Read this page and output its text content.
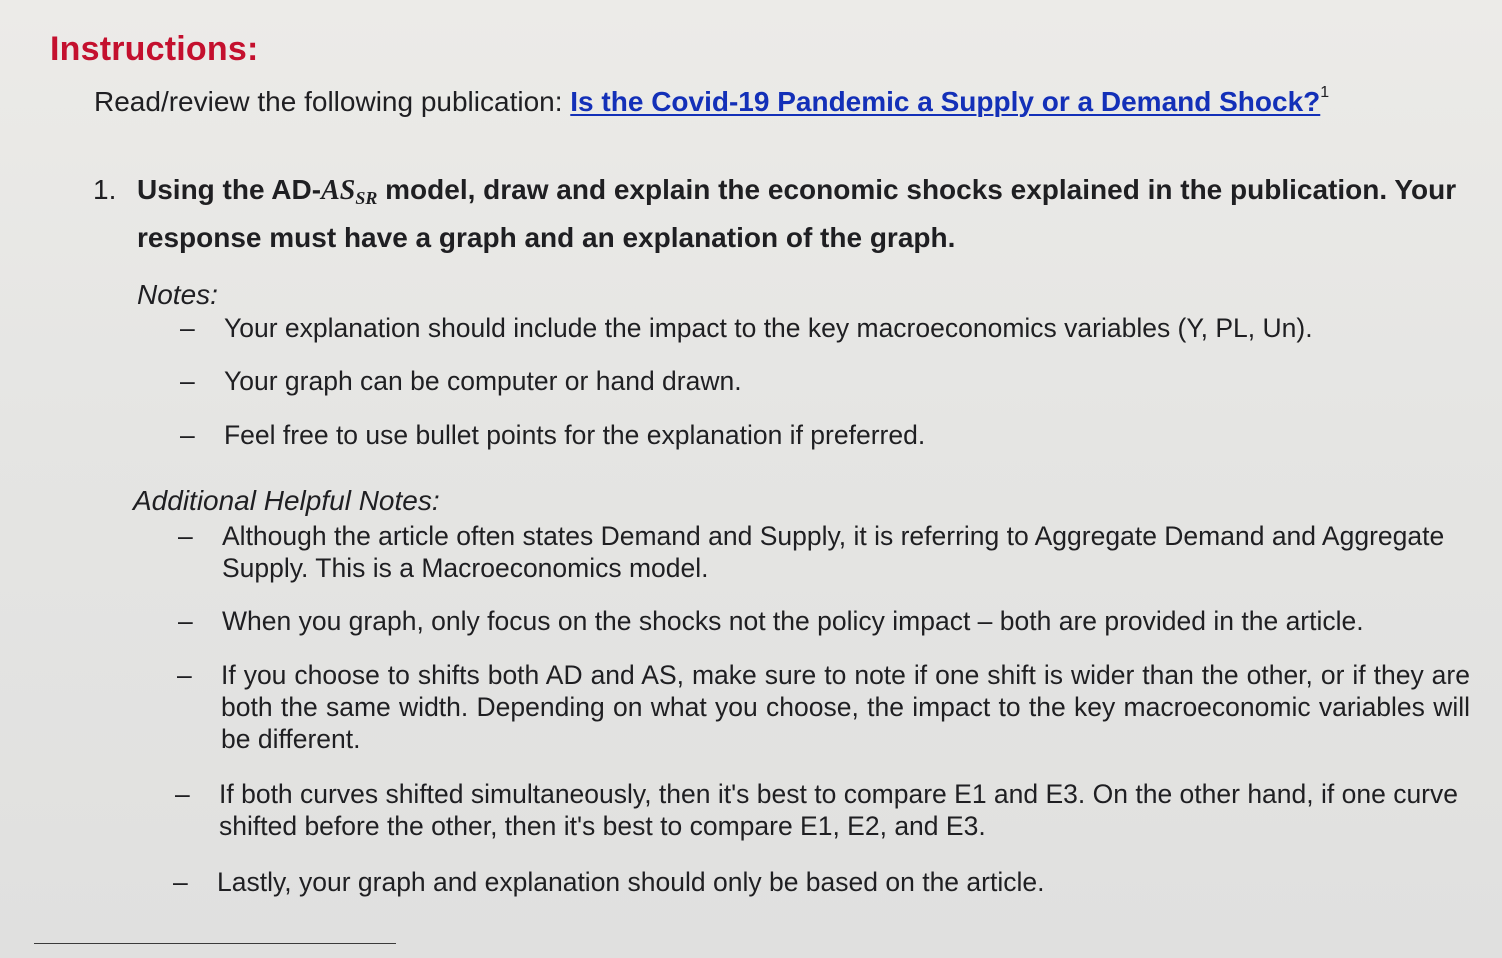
Instructions:
Read/review the following publication: Is the Covid-19 Pandemic a Supply or a Demand Shock?$^1$
1. Using the $AD-AS_{SR}$ model, draw and explain the economic shocks explained in the publication. Your response must have a graph and an explanation of the graph.
Notes:
– Your explanation should include the impact to the key macroeconomics variables (Y, PL, Un).
– Your graph can be computer or hand drawn.
– Feel free to use bullet points for the explanation if preferred.
Additional Helpful Notes:
– Although the article often states Demand and Supply, it is referring to Aggregate Demand and Aggregate Supply. This is a Macroeconomics model.
– When you graph, only focus on the shocks not the policy impact – both are provided in the article.
– If you choose to shifts both AD and AS, make sure to note if one shift is wider than the other, or if they are both the same width. Depending on what you choose, the impact to the key macroeconomic variables will be different.
– If both curves shifted simultaneously, then it's best to compare E1 and E3. On the other hand, if one curve shifted before the other, then it's best to compare E1, E2, and E3.
– Lastly, your graph and explanation should only be based on the article.
